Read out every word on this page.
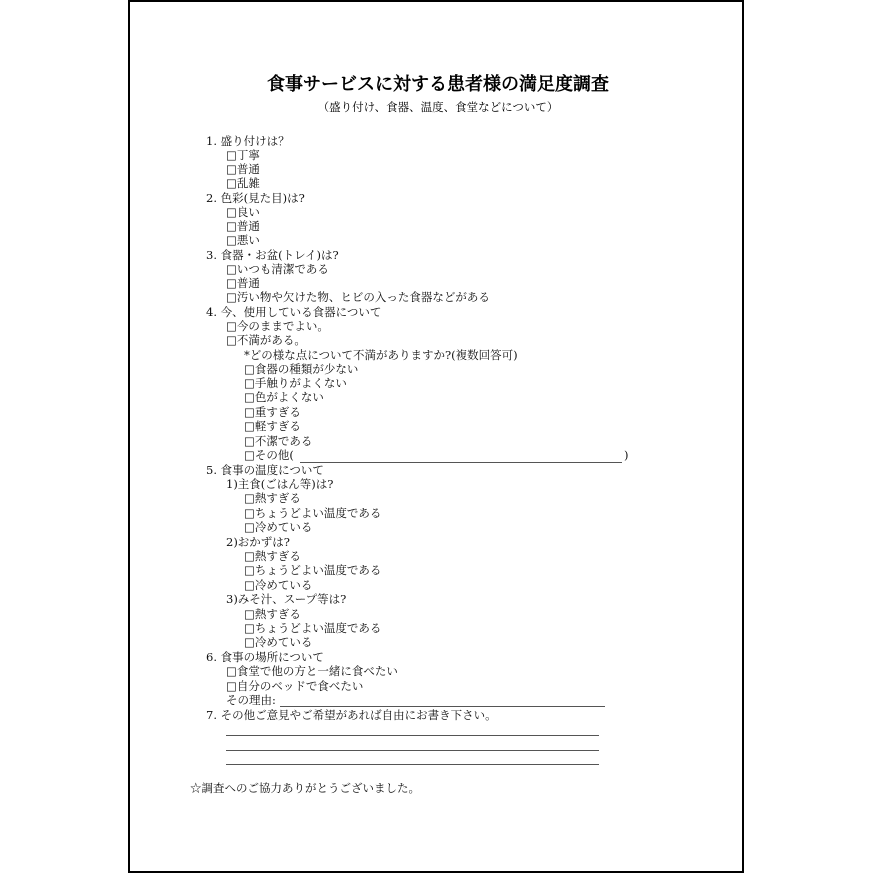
食事サービスに対する患者様の満足度調査
（盛り付け、食器、温度、食堂などについて）
1. 盛り付けは？
□丁寧
□普通
□乱雑
2. 色彩(見た目)は?
□良い
□普通
□悪い
3. 食器・お盆(トレイ)は?
□いつも清潔である
□普通
□汚い物や欠けた物、ヒビの入った食器などがある
4. 今、使用している食器について
□今のままでよい。
□不満がある。
*どの様な点について不満がありますか?(複数回答可)
□食器の種類が少ない
□手触りがよくない
□色がよくない
□重すぎる
□軽すぎる
□不潔である
□その他(	)
5. 食事の温度について
1)主食(ごはん等)は?
□熱すぎる
□ちょうどよい温度である
□冷めている
2)おかずは?
□熱すぎる
□ちょうどよい温度である
□冷めている
3)みそ汁、スープ等は?
□熱すぎる
□ちょうどよい温度である
□冷めている
6. 食事の場所について
□食堂で他の方と一緒に食べたい
□自分のベッドで食べたい
その理由:
7. その他ご意見やご希望があれば自由にお書き下さい。
☆調査へのご協力ありがとうございました。
